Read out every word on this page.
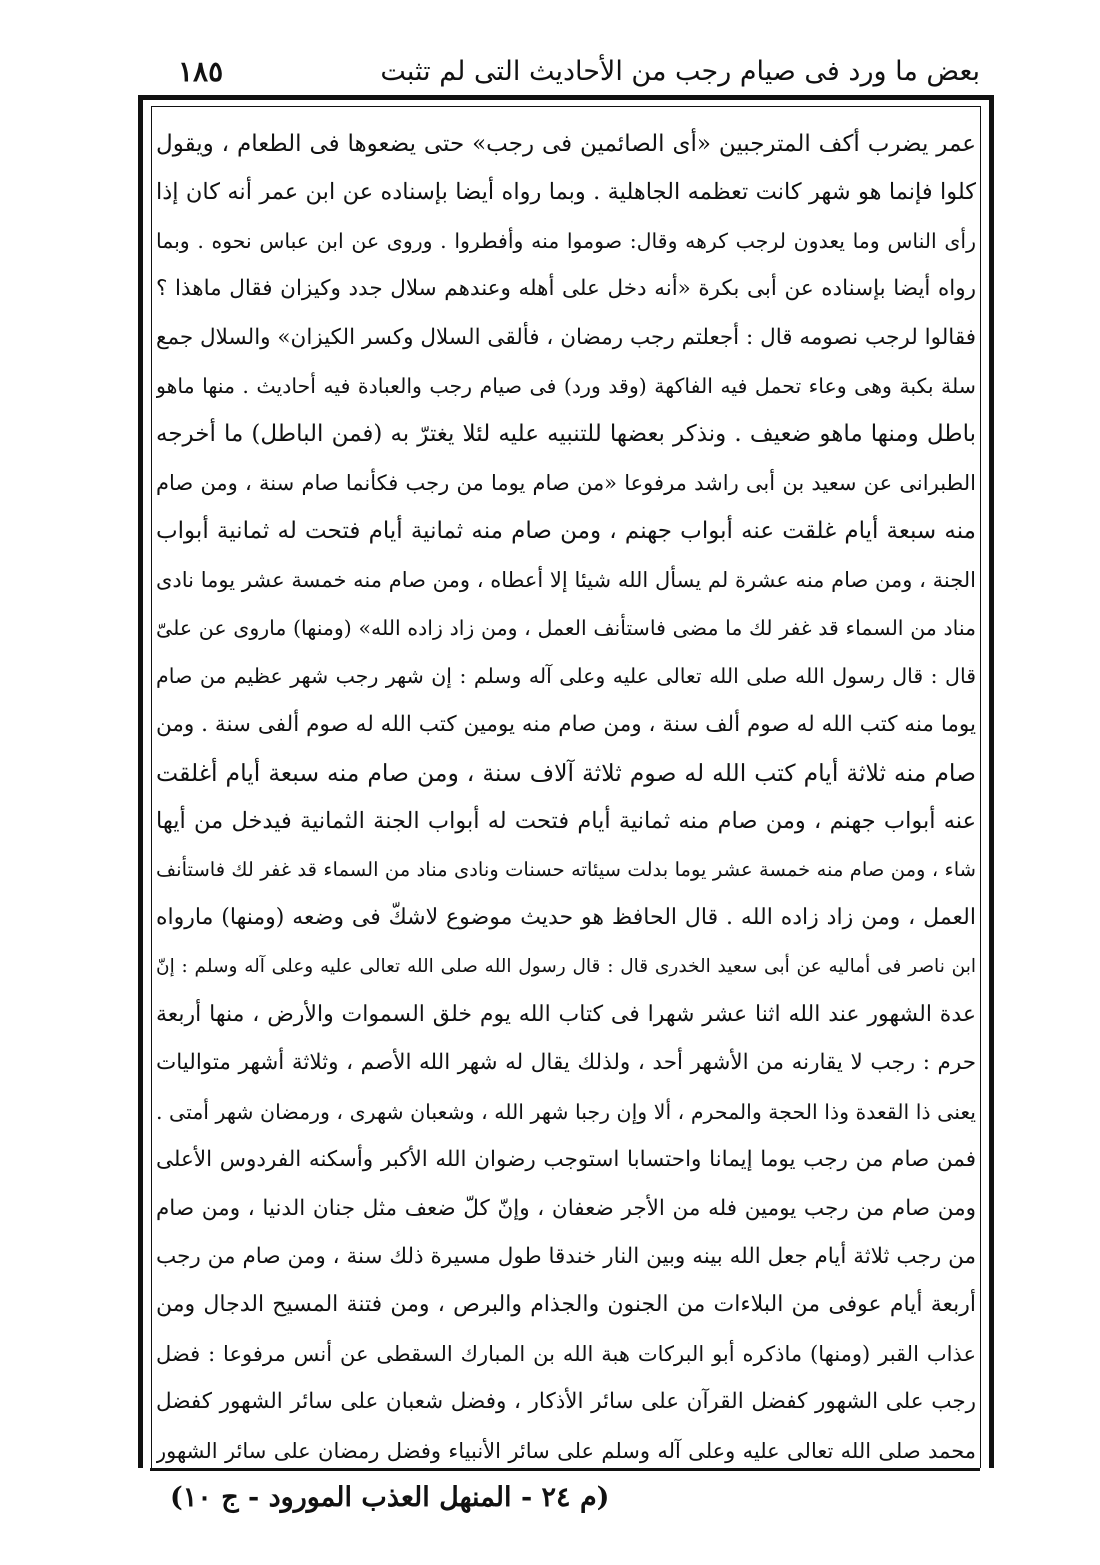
بعض ما ورد فى صيام رجب من الأحاديث التى لم تثبت
١٨٥
عمر يضرب أكف المترجبين «أى الصائمين فى رجب» حتى يضعوها فى الطعام ، ويقول
كلوا فإنما هو شهر كانت تعظمه الجاهلية . وبما رواه أيضا بإسناده عن ابن عمر أنه كان إذا
رأى الناس وما يعدون لرجب كرهه وقال: صوموا منه وأفطروا . وروى عن ابن عباس نحوه . وبما
رواه أيضا بإسناده عن أبى بكرة «أنه دخل على أهله وعندهم سلال جدد وكيزان فقال ماهذا ؟
فقالوا لرجب نصومه قال : أجعلتم رجب رمضان ، فألقى السلال وكسر الكيزان» والسلال جمع
سلة بكبة وهى وعاء تحمل فيه الفاكهة (وقد ورد) فى صيام رجب والعبادة فيه أحاديث . منها ماهو
باطل ومنها ماهو ضعيف . ونذكر بعضها للتنبيه عليه لئلا يغترّ به (فمن الباطل) ما أخرجه
الطبرانى عن سعيد بن أبى راشد مرفوعا «من صام يوما من رجب فكأنما صام سنة ، ومن صام
منه سبعة أيام غلقت عنه أبواب جهنم ، ومن صام منه ثمانية أيام فتحت له ثمانية أبواب
الجنة ، ومن صام منه عشرة لم يسأل الله شيئا إلا أعطاه ، ومن صام منه خمسة عشر يوما نادى
مناد من السماء قد غفر لك ما مضى فاستأنف العمل ، ومن زاد زاده الله» (ومنها) ماروى عن علىّ
قال : قال رسول الله صلى الله تعالى عليه وعلى آله وسلم : إن شهر رجب شهر عظيم من صام
يوما منه كتب الله له صوم ألف سنة ، ومن صام منه يومين كتب الله له صوم ألفى سنة . ومن
صام منه ثلاثة أيام كتب الله له صوم ثلاثة آلاف سنة ، ومن صام منه سبعة أيام أغلقت
عنه أبواب جهنم ، ومن صام منه ثمانية أيام فتحت له أبواب الجنة الثمانية فيدخل من أيها
شاء ، ومن صام منه خمسة عشر يوما بدلت سيئاته حسنات ونادى مناد من السماء قد غفر لك فاستأنف
العمل ، ومن زاد زاده الله . قال الحافظ هو حديث موضوع لاشكّ فى وضعه (ومنها) مارواه
ابن ناصر فى أماليه عن أبى سعيد الخدرى قال : قال رسول الله صلى الله تعالى عليه وعلى آله وسلم : إنّ
عدة الشهور عند الله اثنا عشر شهرا فى كتاب الله يوم خلق السموات والأرض ، منها أربعة
حرم : رجب لا يقارنه من الأشهر أحد ، ولذلك يقال له شهر الله الأصم ، وثلاثة أشهر متواليات
يعنى ذا القعدة وذا الحجة والمحرم ، ألا وإن رجبا شهر الله ، وشعبان شهرى ، ورمضان شهر أمتى .
فمن صام من رجب يوما إيمانا واحتسابا استوجب رضوان الله الأكبر وأسكنه الفردوس الأعلى
ومن صام من رجب يومين فله من الأجر ضعفان ، وإنّ كلّ ضعف مثل جنان الدنيا ، ومن صام
من رجب ثلاثة أيام جعل الله بينه وبين النار خندقا طول مسيرة ذلك سنة ، ومن صام من رجب
أربعة أيام عوفى من البلاءات من الجنون والجذام والبرص ، ومن فتنة المسيح الدجال ومن
عذاب القبر (ومنها) ماذكره أبو البركات هبة الله بن المبارك السقطى عن أنس مرفوعا : فضل
رجب على الشهور كفضل القرآن على سائر الأذكار ، وفضل شعبان على سائر الشهور كفضل
محمد صلى الله تعالى عليه وعلى آله وسلم على سائر الأنبياء وفضل رمضان على سائر الشهور
(م ٢٤ - المنهل العذب المورود - ج ١٠)
